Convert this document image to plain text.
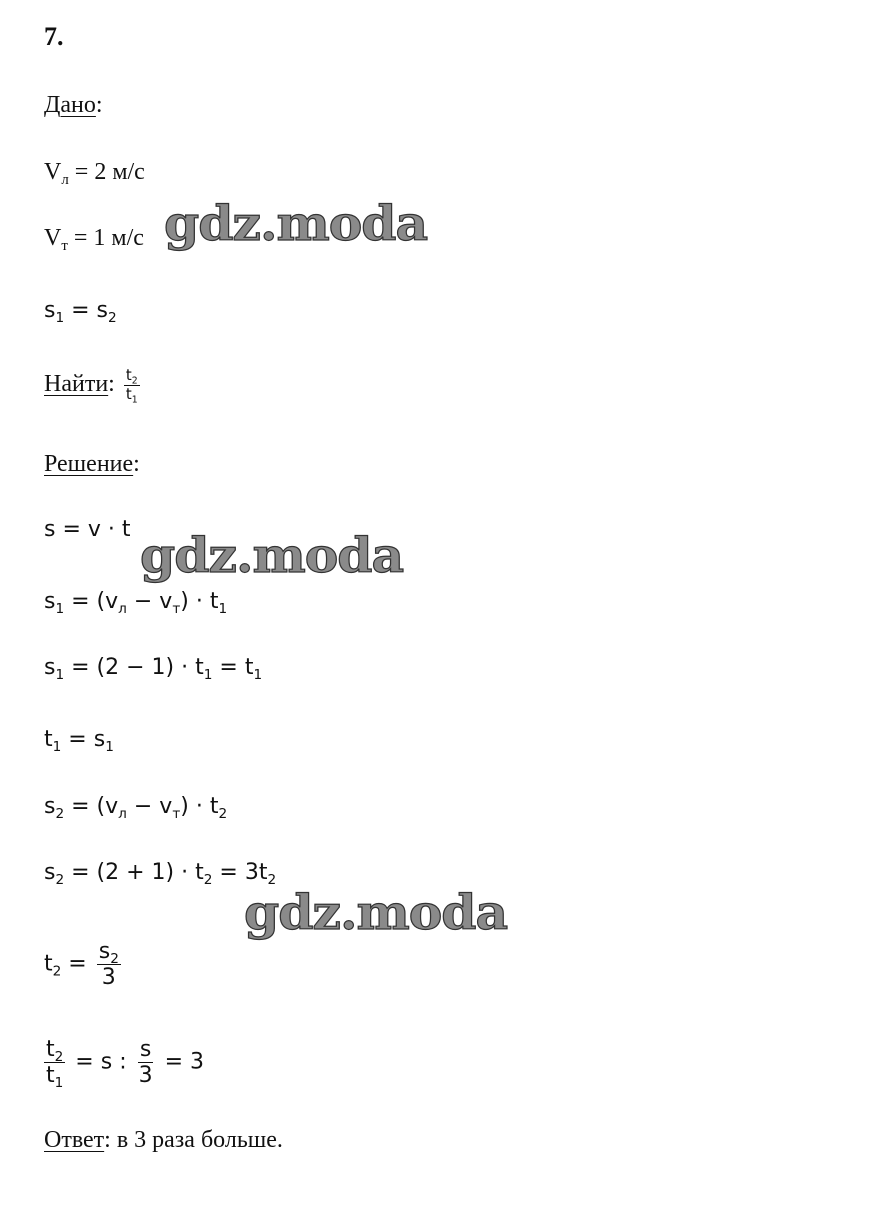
7.
Дано:
$V_л = 2$ м/с
$V_т = 1$ м/с
$s_1 = s_2$
Найти: $\frac{t_2}{t_1}$
Решение:
s = v · t
$s_1 = (v_л - v_т) \cdot t_1$
$s_1 = (2 - 1) \cdot t_1 = t_1$
$t_1 = s_1$
$s_2 = (v_л - v_т) \cdot t_2$
$s_2 = (2 + 1) \cdot t_2 = 3t_2$
$t_2 = \frac{s_2}{3}$
$\frac{t_2}{t_1} = s$ : $\frac{s}{3} = 3$
Ответ: в 3 раза больше.
gdz.moda
gdz.moda
gdz.moda
